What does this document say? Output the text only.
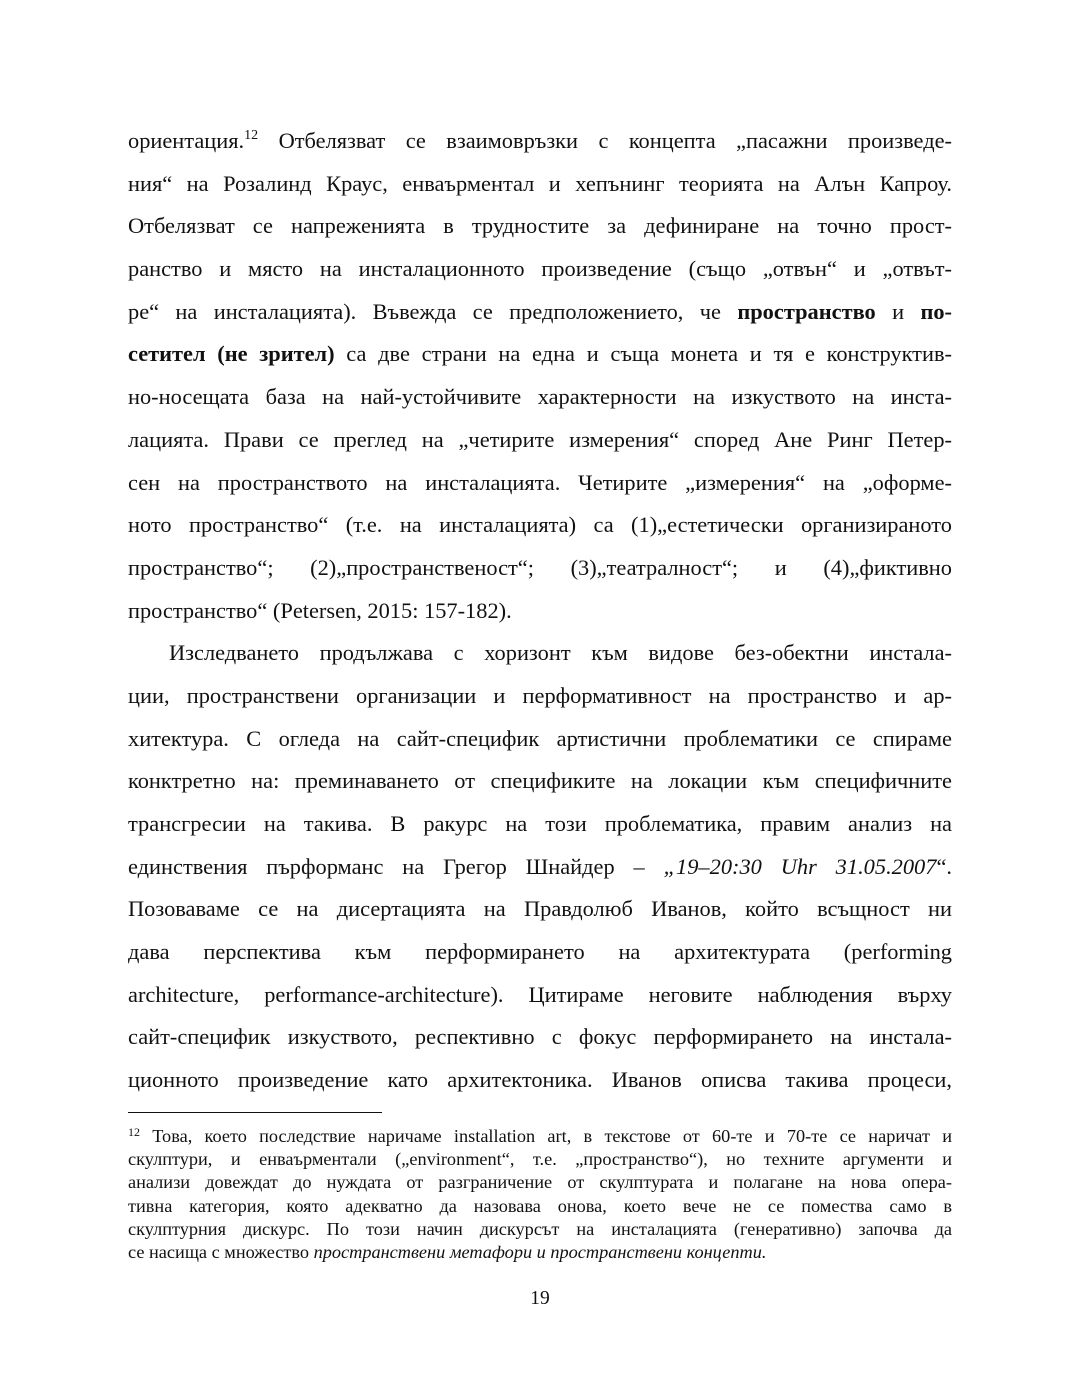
ориентация.$^{12}$ Отбелязват се взаимовръзки с концепта „пасажни произведе-
ния“ на Розалинд Краус, енваърментал и хепънинг теорията на Алън Капроу.
Отбелязват се напреженията в трудностите за дефиниране на точно прост-
ранство и място на инсталационното произведение (също „отвън“ и „отвът-
ре“ на инсталацията). Въвежда се предположението, че пространство и по-
сетител (не зрител) са две страни на една и съща монета и тя е конструктив-
но-носещата база на най-устойчивите характерности на изкуството на инста-
лацията. Прави се преглед на „четирите измерения“ според Ане Ринг Петер-
сен на пространството на инсталацията. Четирите „измерения“ на „оформе-
ното пространство“ (т.е. на инсталацията) са (1)„естетически организираното
пространство“; (2)„пространственост“; (3)„театралност“; и (4)„фиктивно
пространство“ (Petersen, 2015: 157-182).
Изследването продължава с хоризонт към видове без-обектни инстала-
ции, пространствени организации и перформативност на пространство и ар-
хитектура. С огледа на сайт-специфик артистични проблематики се спираме
конктретно на: преминаването от спецификите на локации към специфичните
трансгресии на такива. В ракурс на този проблематика, правим анализ на
единствения пърформанс на Грегор Шнайдер – „19–20:30 Uhr 31.05.2007“.
Позоваваме се на дисертацията на Правдолюб Иванов, който всъщност ни
дава перспектива към перформирането на архитектурата (performing
architecture, performance-architecture). Цитираме неговите наблюдения върху
сайт-специфик изкуството, респективно с фокус перформирането на инстала-
ционното произведение като архитектоника. Иванов описва такива процеси,
$^{12}$ Това, което последствие наричаме installation art, в текстове от 60-те и 70-те се наричат и
скулптури, и енваърментали („environment“, т.е. „пространство“), но техните аргументи и
анализи довеждат до нуждата от разграничение от скулптурата и полагане на нова опера-
тивна категория, която адекватно да назовава онова, което вече не се помества само в
скулптурния дискурс. По този начин дискурсът на инсталацията (генеративно) започва да
се насища с множество пространствени метафори и пространствени концепти.
19
